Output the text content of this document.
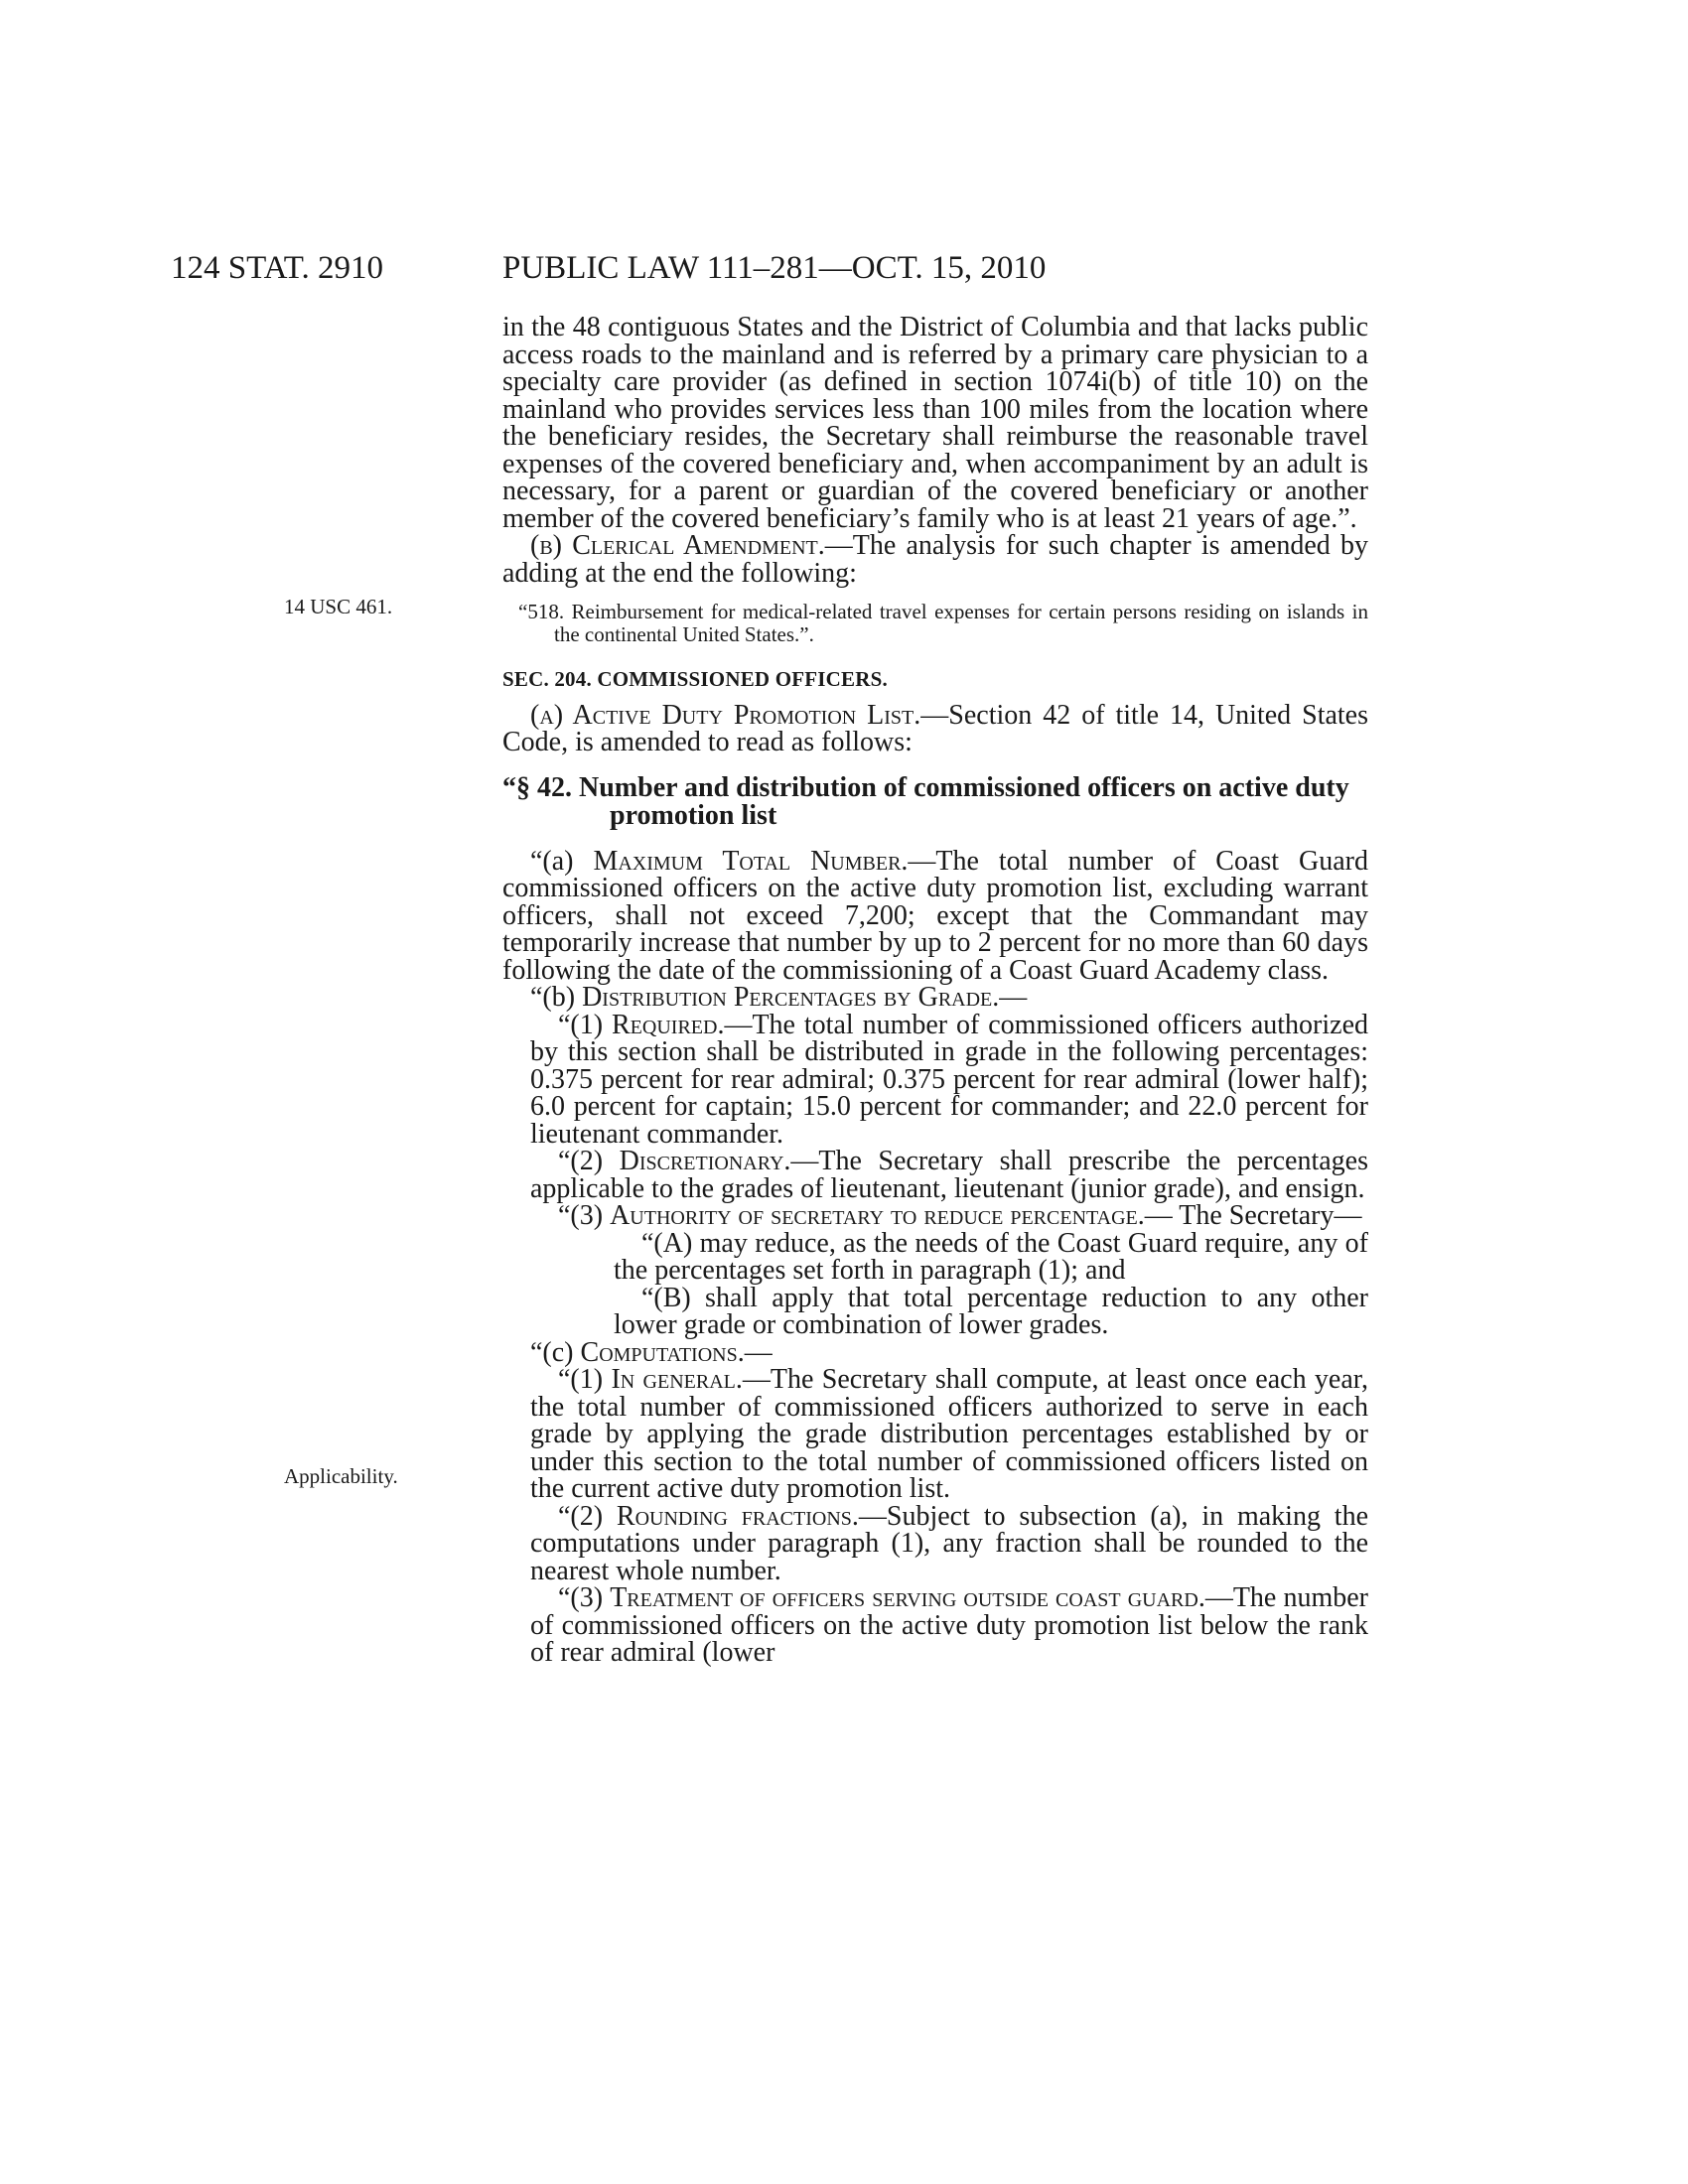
124 STAT. 2910	PUBLIC LAW 111–281—OCT. 15, 2010
14 USC 461.
Applicability.

in the 48 contiguous States and the District of Columbia and that lacks public access roads to the mainland and is referred by a primary care physician to a specialty care provider (as defined in section 1074i(b) of title 10) on the mainland who provides services less than 100 miles from the location where the beneficiary resides, the Secretary shall reimburse the reasonable travel expenses of the covered beneficiary and, when accompaniment by an adult is necessary, for a parent or guardian of the covered beneficiary or another member of the covered beneficiary’s family who is at least 21 years of age.”.

(b) Clerical Amendment.—The analysis for such chapter is amended by adding at the end the following:

“518. Reimbursement for medical-related travel expenses for certain persons residing on islands in the continental United States.”.

SEC. 204. COMMISSIONED OFFICERS.

(a) Active Duty Promotion List.—Section 42 of title 14, United States Code, is amended to read as follows:

“§ 42. Number and distribution of commissioned officers on active duty promotion list

“(a) Maximum Total Number.—The total number of Coast Guard commissioned officers on the active duty promotion list, excluding warrant officers, shall not exceed 7,200; except that the Commandant may temporarily increase that number by up to 2 percent for no more than 60 days following the date of the commissioning of a Coast Guard Academy class.

“(b) Distribution Percentages by Grade.—

“(1) Required.—The total number of commissioned officers authorized by this section shall be distributed in grade in the following percentages: 0.375 percent for rear admiral; 0.375 percent for rear admiral (lower half); 6.0 percent for captain; 15.0 percent for commander; and 22.0 percent for lieutenant commander.

“(2) Discretionary.—The Secretary shall prescribe the percentages applicable to the grades of lieutenant, lieutenant (junior grade), and ensign.

“(3) Authority of secretary to reduce percentage.— The Secretary—

“(A) may reduce, as the needs of the Coast Guard require, any of the percentages set forth in paragraph (1); and

“(B) shall apply that total percentage reduction to any other lower grade or combination of lower grades.

“(c) Computations.—

“(1) In general.—The Secretary shall compute, at least once each year, the total number of commissioned officers authorized to serve in each grade by applying the grade distribution percentages established by or under this section to the total number of commissioned officers listed on the current active duty promotion list.

“(2) Rounding fractions.—Subject to subsection (a), in making the computations under paragraph (1), any fraction shall be rounded to the nearest whole number.

“(3) Treatment of officers serving outside coast guard.—The number of commissioned officers on the active duty promotion list below the rank of rear admiral (lower
